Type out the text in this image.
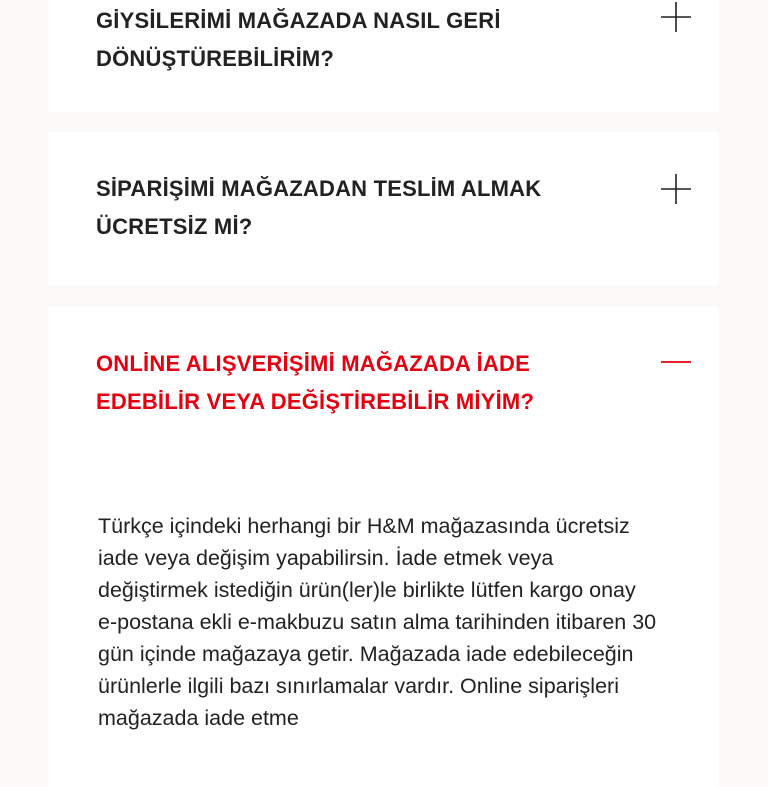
GİYSİLERİMİ MAĞAZADA NASIL GERİ DÖNÜŞTÜREBİLİRİM?
SİPARİŞİMİ MAĞAZADAN TESLİM ALMAK ÜCRETSİZ Mİ?
ONLİNE ALIŞVERİŞİMİ MAĞAZADA İADE EDEBİLİR VEYA DEĞİŞTİREBİLİR MİYİM?

Türkçe içindeki herhangi bir H&M mağazasında ücretsiz iade veya değişim yapabilirsin. İade etmek veya değiştirmek istediğin ürün(ler)le birlikte lütfen kargo onay e-postana ekli e-makbuzu satın alma tarihinden itibaren 30 gün içinde mağazaya getir. Mağazada iade edebileceğin ürünlerle ilgili bazı sınırlamalar vardır. Online siparişleri mağazada iade etme
